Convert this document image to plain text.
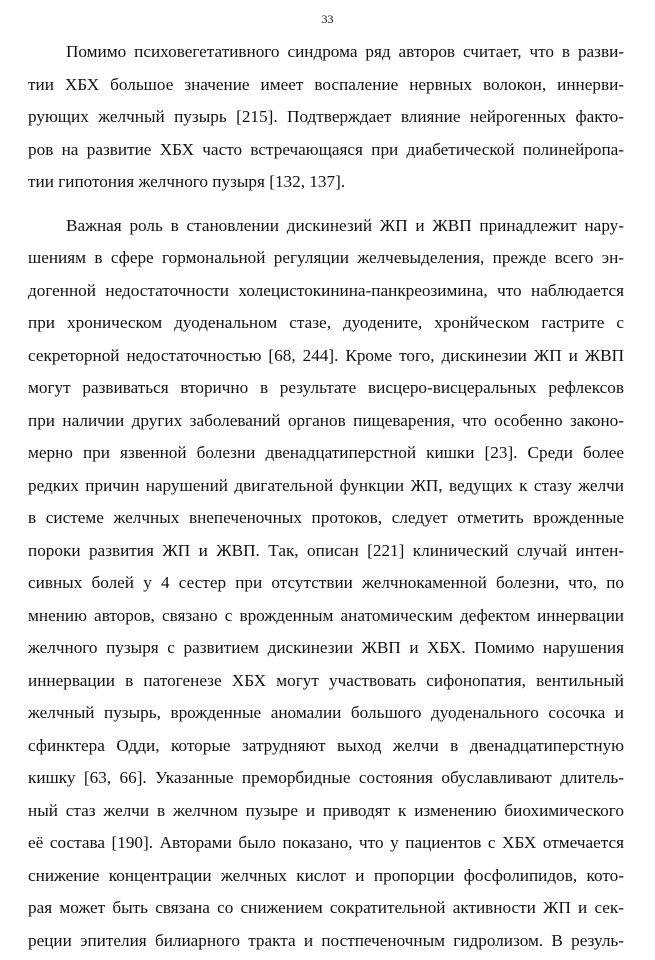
33
Помимо психовегетативного синдрома ряд авторов считает, что в разви-
тии ХБХ большое значение имеет воспаление нервных волокон, иннерви-
рующих желчный пузырь [215]. Подтверждает влияние нейрогенных факто-
ров на развитие ХБХ часто встречающаяся при диабетической полинейропа-
тии гипотония желчного пузыря [132, 137].
Важная роль в становлении дискинезий ЖП и ЖВП принадлежит нару-
шениям в сфере гормональной регуляции желчевыделения, прежде всего эн-
догенной недостаточности холецистокинина-панкреозимина, что наблюдается
при хроническом дуоденальном стазе, дуодените, хронйческом гастрите с
секреторной недостаточностью [68, 244]. Кроме того, дискинезии ЖП и ЖВП
могут развиваться вторично в результате висцеро-висцеральных рефлексов
при наличии других заболеваний органов пищеварения, что особенно законо-
мерно при язвенной болезни двенадцатиперстной кишки [23]. Среди более
редких причин нарушений двигательной функции ЖП, ведущих к стазу желчи
в системе желчных внепеченочных протоков, следует отметить врожденные
пороки развития ЖП и ЖВП. Так, описан [221] клинический случай интен-
сивных болей у 4 сестер при отсутствии желчнокаменной болезни, что, по
мнению авторов, связано с врожденным анатомическим дефектом иннервации
желчного пузыря с развитием дискинезии ЖВП и ХБХ. Помимо нарушения
иннервации в патогенезе ХБХ могут участвовать сифонопатия, вентильный
желчный пузырь, врожденные аномалии большого дуоденального сосочка и
сфинктера Одди, которые затрудняют выход желчи в двенадцатиперстную
кишку [63, 66]. Указанные преморбидные состояния обуславливают длитель-
ный стаз желчи в желчном пузыре и приводят к изменению биохимического
её состава [190]. Авторами было показано, что у пациентов с ХБХ отмечается
снижение концентрации желчных кислот и пропорции фосфолипидов, кото-
рая может быть связана со снижением сократительной активности ЖП и сек-
реции эпителия билиарного тракта и постпеченочным гидролизом. В резуль-
